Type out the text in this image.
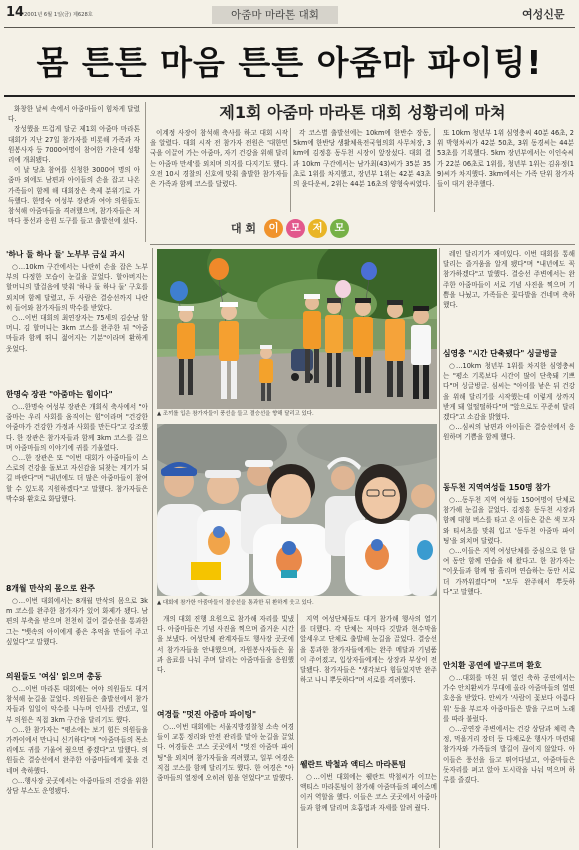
14 2001년 6월 1일(금) 제628호	아줌마 마라톤 대회	여성신문
몸 튼튼 마음 튼튼 아줌마 파이팅!

화창한 날씨 속에서 아줌마들이 힘차게 달렸다.

장성했을 뜨겁게 달군 제1회 아줌마 마라톤 대회가 지난 27일 참가자를 비롯해 가족과 자원봉사자 등 7000여명이 참여한 가운데 성황리에 개최됐다.

이 날 당초 참여를 신청한 3000여 명의 아줌마 외에도 남편과 아이들의 손을 잡고 나온 가족들이 함께 해 대회장은 축제 분위기로 가득했다. 한명숙 여성부 장관과 여야 의원들도 참석해 아줌마들을 격려했으며, 참가자들은 저마다 풍선과 응원 도구를 들고 출발선에 섰다.

제1회 아줌마 마라톤 대회 성황리에 마쳐

이계정 사장이 참석해 축사를 하고 대회 시작을 알렸다. 대회 시작 전 참가자 전원은 '대한민국을 이끌어 가는 아줌마, 자기 건강을 위해 달리는 아줌마 만세'를 외치며 의지를 다지기도 했다. 오전 10시 경찰의 신호에 맞춰 출발한 참가자들은 가족과 함께 코스를 달렸다.

각 코스별 출발선에는 10km에 한반수 장동, 5km에 한반당 생활체육전국협의회 사무처장, 3km에 김정흥 동두천 시장이 앞장섰다. 대회 결과 10km 구간에서는 남가최(43)씨가 35분 35초로 1위를 차지했고, 장년부 1위는 42분 43초의 윤다운씨, 2위는 44분 16초의 양형숙씨였다.

또 10km 청년부 1위 심영충씨 40분 46초, 2위 박형차씨가 42분 50초, 3위 동경씨는 44분 53초를 기록했다. 5km 장년부에서는 이인숙씨가 22분 06초로 1위를, 청년부 1위는 김유정(19)씨가 차지했다. 3km에서는 가족 단위 참가자들이 대거 완주했다.

대 회	이	모	저	모
'하나 둘 하나 둘' 노부부 금실 과시

○…10km 구간에서는 나란히 손을 잡은 노부부의 다정한 모습이 눈길을 끌었다. 할아버지는 할머니의 발걸음에 맞춰 '하나 둘 하나 둘' 구호를 외치며 함께 달렸고, 두 사람은 결승선까지 나란히 들어와 참가자들의 박수를 받았다.

○…이번 대회의 최연장자는 75세의 김순남 할머니. 김 할머니는 3km 코스를 완주한 뒤 "아줌마들과 함께 뛰니 젊어지는 기분"이라며 환하게 웃었다.

한명숙 장관 "아줌마는 힘이다"

○…한명숙 여성부 장관은 개회식 축사에서 "아줌마는 우리 사회를 움직이는 힘"이라며 "건강한 아줌마가 건강한 가정과 사회를 만든다"고 강조했다. 한 장관은 참가자들과 함께 3km 코스를 걸으며 아줌마들의 이야기에 귀를 기울였다.

○…한 장관은 또 "이번 대회가 아줌마들이 스스로의 건강을 돌보고 자신감을 되찾는 계기가 되길 바란다"며 "내년에도 더 많은 아줌마들이 참여할 수 있도록 지원하겠다"고 말했다. 참가자들은 박수와 환호로 화답했다.

8개월 만삭의 몸으로 완주

○…이번 대회에서는 8개월 만삭의 몸으로 3km 코스를 완주한 참가자가 있어 화제가 됐다. 남편의 부축을 받으며 천천히 걸어 결승선을 통과한 그는 "뱃속의 아이에게 좋은 추억을 만들어 주고 싶었다"고 말했다.

의원들도 '여심' 읽으며 총동

○…이번 마라톤 대회에는 여야 의원들도 대거 참석해 눈길을 끌었다. 의원들은 출발선에서 참가자들과 일일이 악수를 나누며 인사를 건넸고, 일부 의원은 직접 3km 구간을 달리기도 했다.

○…한 참가자는 "평소에는 보기 힘든 의원들을 가까이에서 만나니 신기하다"며 "아줌마들의 목소리에도 귀를 기울여 줬으면 좋겠다"고 말했다. 의원들은 결승선에서 완주한 아줌마들에게 꽃을 건네며 축하했다.

○…행사장 곳곳에서는 아줌마들의 건강을 위한 상담 부스도 운영됐다.

▲ 조끼를 입은 참가자들이 풍선을 들고 결승선을 향해 달리고 있다.
▲ 대회에 참가한 아줌마들이 결승선을 통과한 뒤 환하게 웃고 있다.

개의 대회 진행 요원으로 참가해 자리를 빛냈다. 아줌마들은 기념 사진을 찍으며 즐거운 시간을 보냈다. 여성단체 관계자들도 행사장 곳곳에서 참가자들을 안내했으며, 자원봉사자들은 물과 음료를 나눠 주며 달리는 아줌마들을 응원했다.

여경들 "멋진 아줌마 파이팅"

○…이번 대회에는 서울지방경찰청 소속 여경들이 교통 정리와 안전 관리를 맡아 눈길을 끌었다. 여경들은 코스 곳곳에서 "멋진 아줌마 파이팅"을 외치며 참가자들을 격려했고, 일부 여경은 직접 코스를 함께 달리기도 했다. 한 여경은 "아줌마들의 열정에 오히려 힘을 얻었다"고 말했다.

지역 여성단체들도 대거 참가해 행사의 열기를 더했다. 각 단체는 저마다 깃발과 현수막을 앞세우고 단체로 출발해 눈길을 끌었다. 결승선을 통과한 참가자들에게는 완주 메달과 기념품이 주어졌고, 입상자들에게는 상장과 부상이 전달됐다. 참가자들은 "생각보다 힘들었지만 완주하고 나니 뿌듯하다"며 서로를 격려했다.

웰란트 박철과 액티스 마라톤팀

○…이번 대회에는 웰란트 박철씨가 이끄는 액티스 마라톤팀이 참가해 아줌마들의 페이스메이커 역할을 했다. 이들은 코스 곳곳에서 아줌마들과 함께 달리며 호흡법과 자세를 알려 줬다.

레인 달리기가 재미있다. 이번 대회를 통해 달리는 즐거움을 알게 됐다"며 "내년에도 꼭 참가하겠다"고 말했다. 결승선 주변에서는 완주한 아줌마들이 서로 기념 사진을 찍으며 기쁨을 나눴고, 가족들은 꽃다발을 건네며 축하했다.

심영충 "시간 단축됐다" 싱글벙글

○…10km 청년부 1위를 차지한 심영충씨는 "평소 기록보다 시간이 많이 단축돼 기쁘다"며 싱글벙글. 심씨는 "아이를 낳은 뒤 건강을 위해 달리기를 시작했는데 이렇게 상까지 받게 돼 얼떨떨하다"며 "앞으로도 꾸준히 달리겠다"고 소감을 밝혔다.

○…심씨의 남편과 아이들은 결승선에서 응원하며 기쁨을 함께 했다.

동두천 지역여성들 150명 참가

○…동두천 지역 여성들 150여명이 단체로 참가해 눈길을 끌었다. 김정흥 동두천 시장과 함께 대형 버스를 타고 온 이들은 같은 색 모자와 티셔츠를 맞춰 입고 '동두천 아줌마 파이팅'을 외치며 달렸다.

○…이들은 지역 여성단체를 중심으로 한 달여 동안 함께 연습을 해 왔다고. 한 참가자는 "이웃들과 함께 땀 흘리며 연습하는 동안 서로 더 가까워졌다"며 "모두 완주해서 뿌듯하다"고 말했다.

안치환 공연에 발구르며 환호

○…대회를 마친 뒤 열린 축하 공연에서는 가수 안치환씨가 무대에 올라 아줌마들의 열띤 호응을 받았다. 안씨가 '사람이 꽃보다 아름다워' 등을 부르자 아줌마들은 발을 구르며 노래를 따라 불렀다.

○…공연장 주변에서는 건강 상담과 체력 측정, 먹을거리 장터 등 다채로운 행사가 마련돼 참가자와 가족들의 발길이 끊이지 않았다. 아이들은 풍선을 들고 뛰어다녔고, 아줌마들은 돗자리를 펴고 앉아 도시락을 나눠 먹으며 하루를 즐겼다.
